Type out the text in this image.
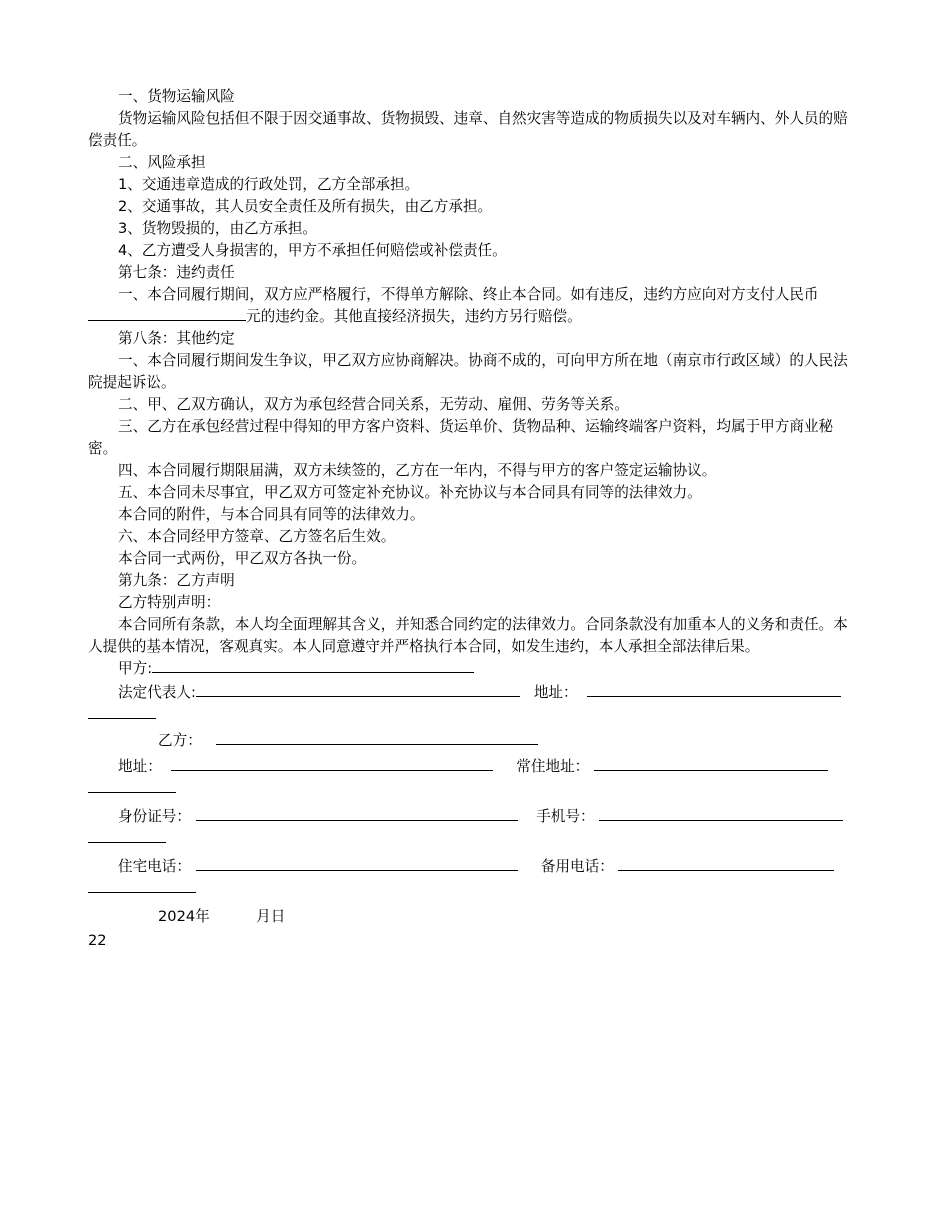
一、货物运输风险

货物运输风险包括但不限于因交通事故、货物损毁、违章、自然灾害等造成的物质损失以及对车辆内、外人员的赔偿责任。

二、风险承担

1、交通违章造成的行政处罚，乙方全部承担。

2、交通事故，其人员安全责任及所有损失，由乙方承担。

3、货物毁损的，由乙方承担。

4、乙方遭受人身损害的，甲方不承担任何赔偿或补偿责任。

第七条：违约责任

一、本合同履行期间，双方应严格履行，不得单方解除、终止本合同。如有违反，违约方应向对方支付人民币元的违约金。其他直接经济损失，违约方另行赔偿。

第八条：其他约定

一、本合同履行期间发生争议，甲乙双方应协商解决。协商不成的，可向甲方所在地（南京市行政区域）的人民法院提起诉讼。

二、甲、乙双方确认，双方为承包经营合同关系，无劳动、雇佣、劳务等关系。

三、乙方在承包经营过程中得知的甲方客户资料、货运单价、货物品种、运输终端客户资料，均属于甲方商业秘密。

四、本合同履行期限届满，双方未续签的，乙方在一年内，不得与甲方的客户签定运输协议。

五、本合同未尽事宜，甲乙双方可签定补充协议。补充协议与本合同具有同等的法律效力。

本合同的附件，与本合同具有同等的法律效力。

六、本合同经甲方签章、乙方签名后生效。

本合同一式两份，甲乙双方各执一份。

第九条：乙方声明

乙方特别声明：

本合同所有条款，本人均全面理解其含义，并知悉合同约定的法律效力。合同条款没有加重本人的义务和责任。本人提供的基本情况，客观真实。本人同意遵守并严格执行本合同，如发生违约，本人承担全部法律后果。

甲方:
法定代表人:	地址：
乙方：
地址：	常住地址：
身份证号：	手机号：
住宅电话：	备用电话：
2024年	月日
22
